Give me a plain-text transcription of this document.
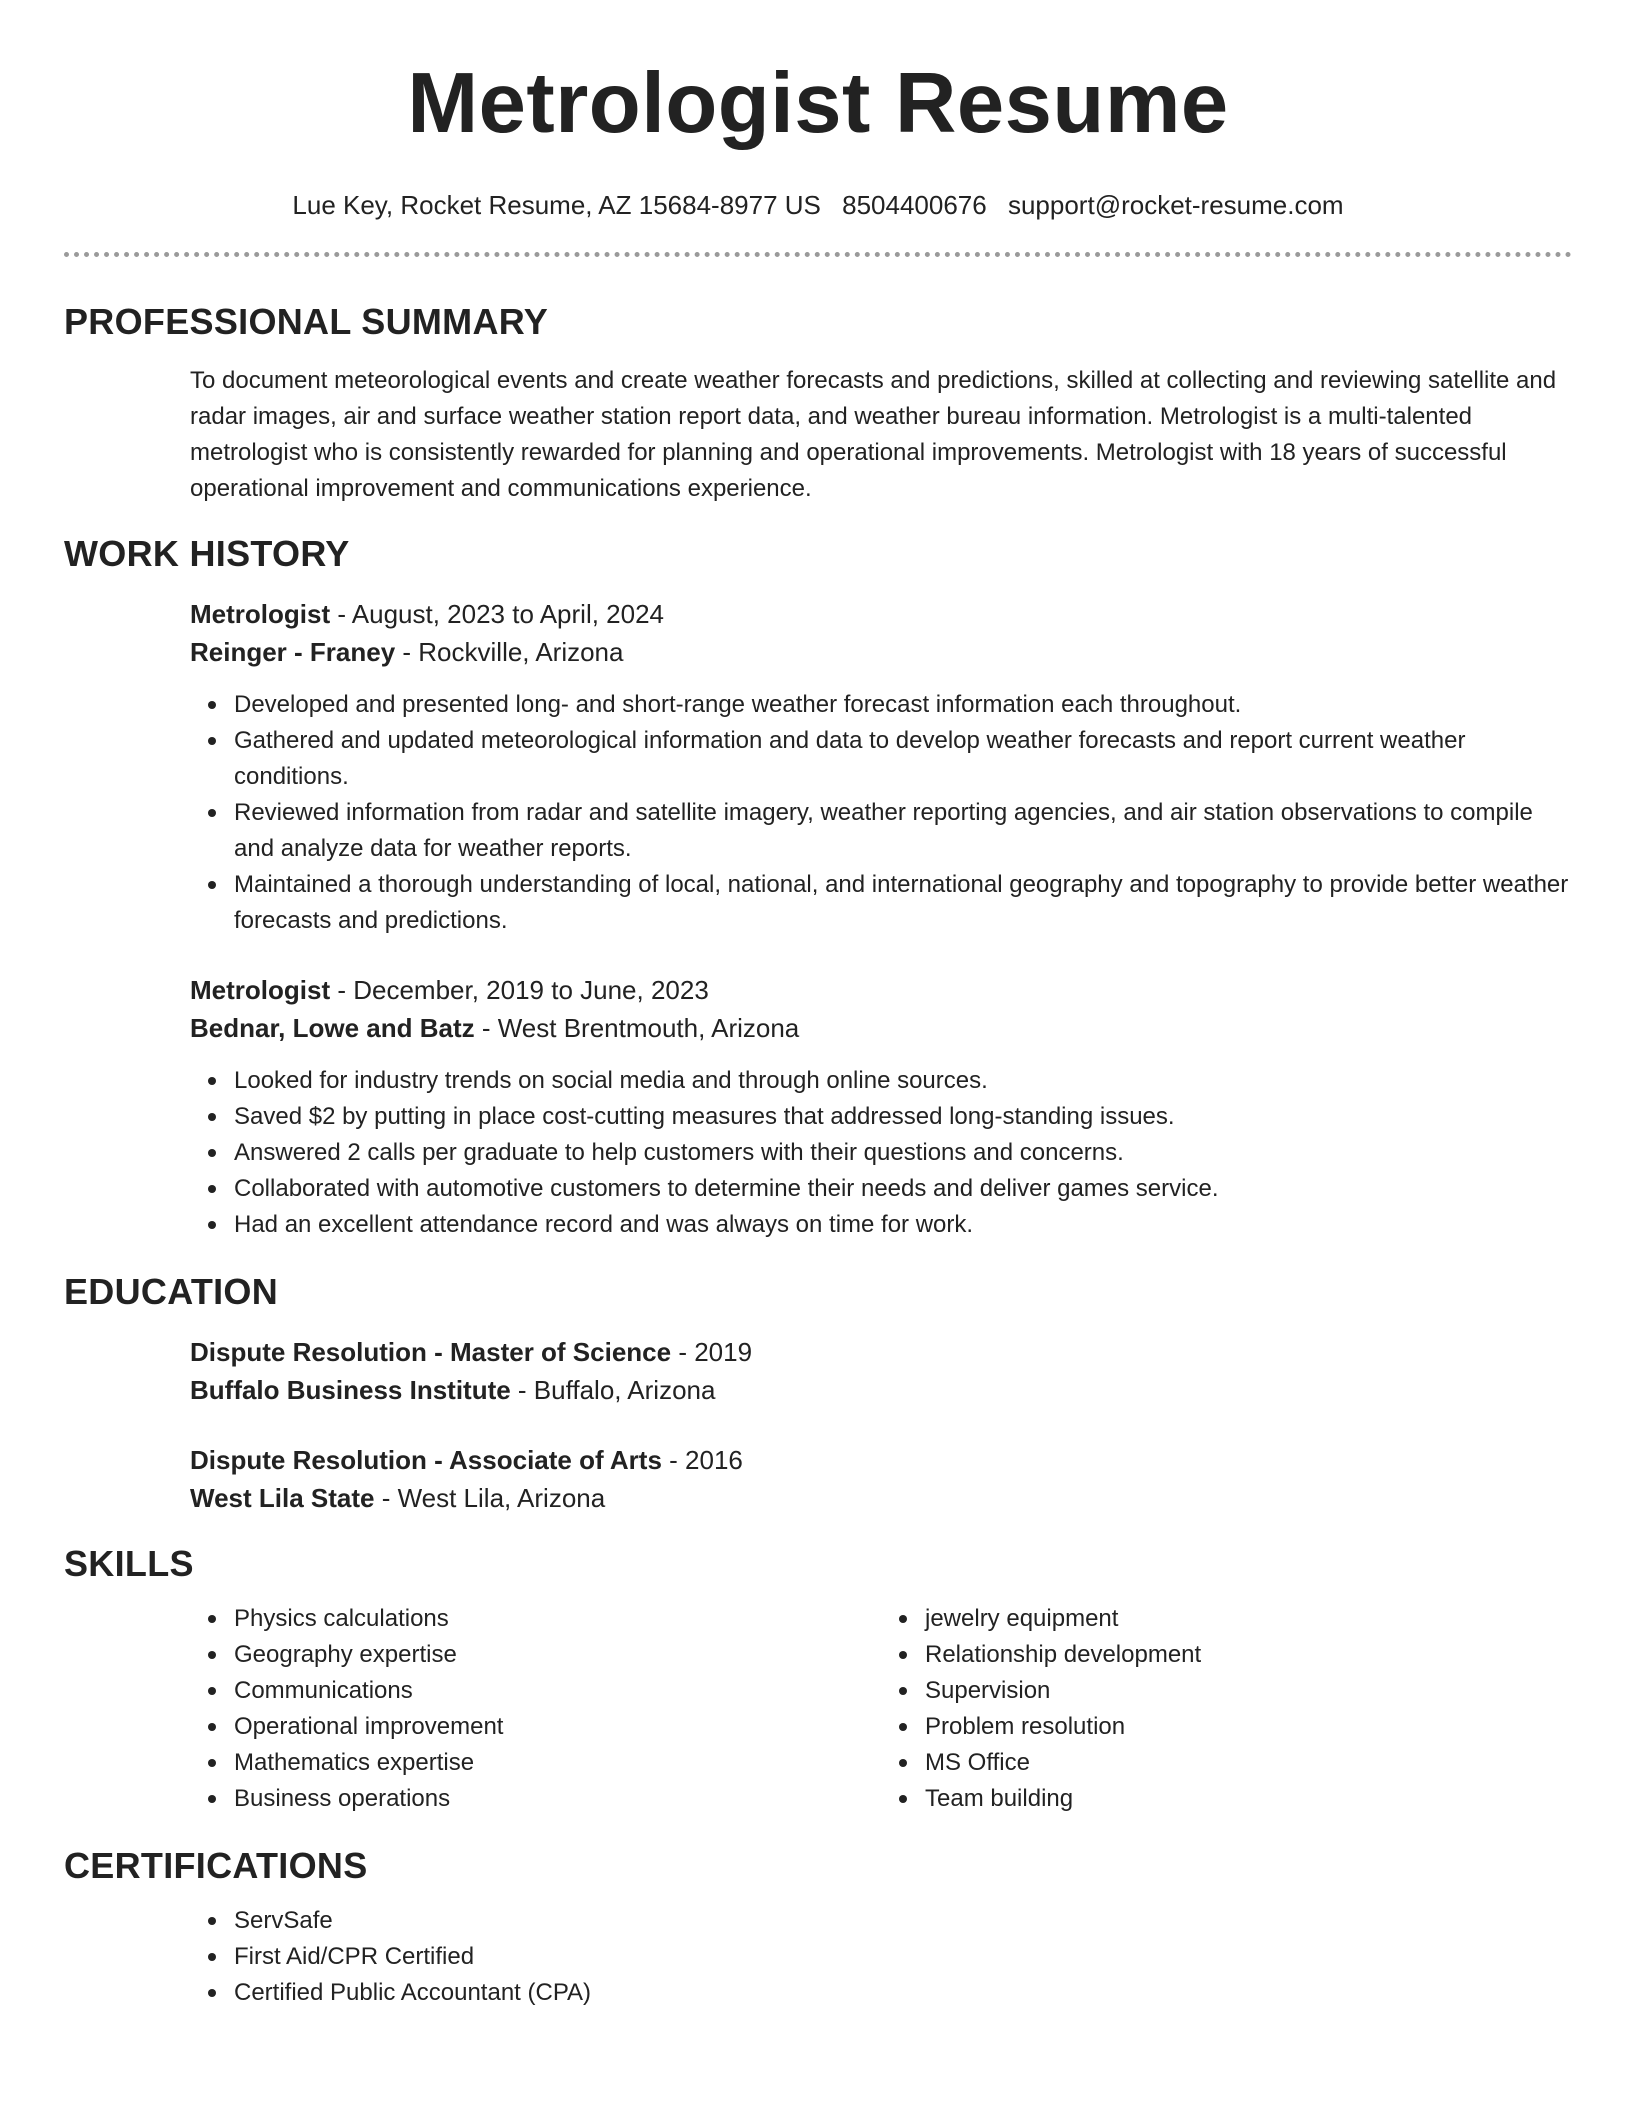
Metrologist Resume
Lue Key, Rocket Resume, AZ 15684-8977 US 8504400676 support@rocket-resume.com
PROFESSIONAL SUMMARY

To document meteorological events and create weather forecasts and predictions, skilled at collecting and reviewing satellite and radar images, air and surface weather station report data, and weather bureau information. Metrologist is a multi-talented metrologist who is consistently rewarded for planning and operational improvements. Metrologist with 18 years of successful operational improvement and communications experience.

WORK HISTORY
Metrologist - August, 2023 to April, 2024
Reinger - Franey - Rockville, Arizona
Developed and presented long- and short-range weather forecast information each throughout.
Gathered and updated meteorological information and data to develop weather forecasts and report current weather conditions.
Reviewed information from radar and satellite imagery, weather reporting agencies, and air station observations to compile and analyze data for weather reports.
Maintained a thorough understanding of local, national, and international geography and topography to provide better weather forecasts and predictions.
Metrologist - December, 2019 to June, 2023
Bednar, Lowe and Batz - West Brentmouth, Arizona
Looked for industry trends on social media and through online sources.
Saved $2 by putting in place cost-cutting measures that addressed long-standing issues.
Answered 2 calls per graduate to help customers with their questions and concerns.
Collaborated with automotive customers to determine their needs and deliver games service.
Had an excellent attendance record and was always on time for work.
EDUCATION
Dispute Resolution - Master of Science - 2019
Buffalo Business Institute - Buffalo, Arizona
Dispute Resolution - Associate of Arts - 2016
West Lila State - West Lila, Arizona
SKILLS
Physics calculations
Geography expertise
Communications
Operational improvement
Mathematics expertise
Business operations
jewelry equipment
Relationship development
Supervision
Problem resolution
MS Office
Team building
CERTIFICATIONS
ServSafe
First Aid/CPR Certified
Certified Public Accountant (CPA)
